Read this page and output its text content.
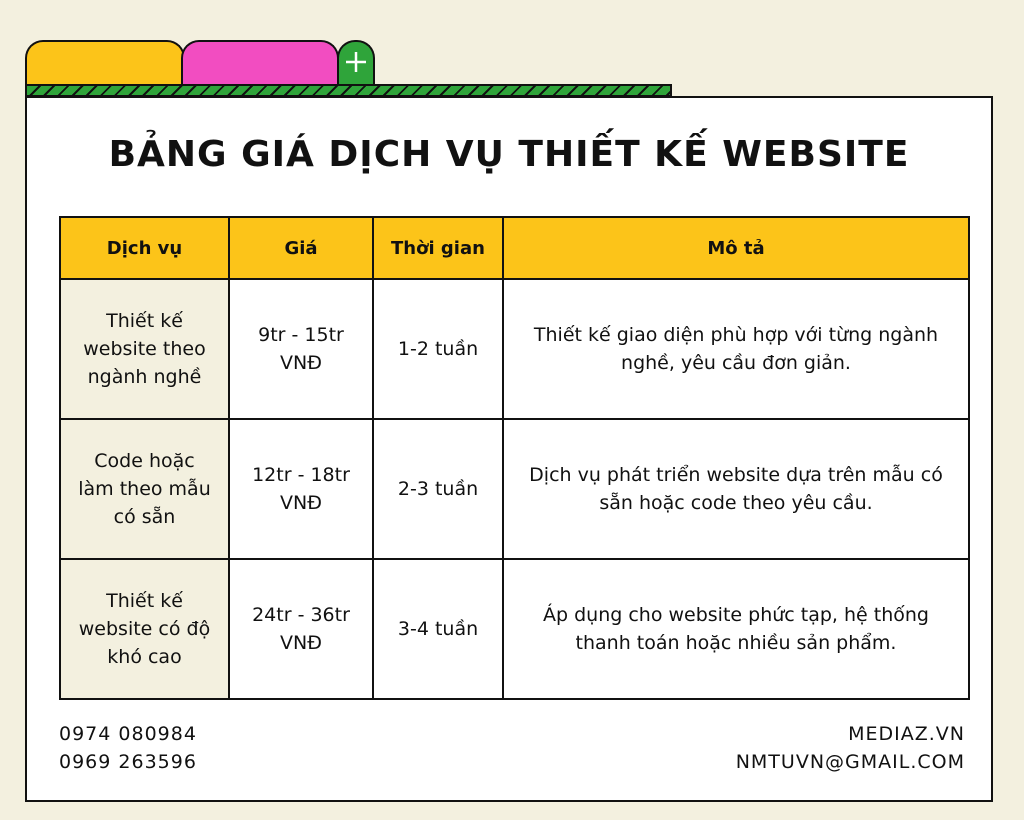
BẢNG GIÁ DỊCH VỤ THIẾT KẾ WEBSITE
Dịch vụ	Giá	Thời gian	Mô tả
Thiết kế website theo ngành nghề	9tr - 15tr VNĐ	1-2 tuần	Thiết kế giao diện phù hợp với từng ngành nghề, yêu cầu đơn giản.
Code hoặc làm theo mẫu có sẵn	12tr - 18tr VNĐ	2-3 tuần	Dịch vụ phát triển website dựa trên mẫu có sẵn hoặc code theo yêu cầu.
Thiết kế website có độ khó cao	24tr - 36tr VNĐ	3-4 tuần	Áp dụng cho website phức tạp, hệ thống thanh toán hoặc nhiều sản phẩm.
0974 080984
0969 263596
MEDIAZ.VN
NMTUVN@GMAIL.COM
